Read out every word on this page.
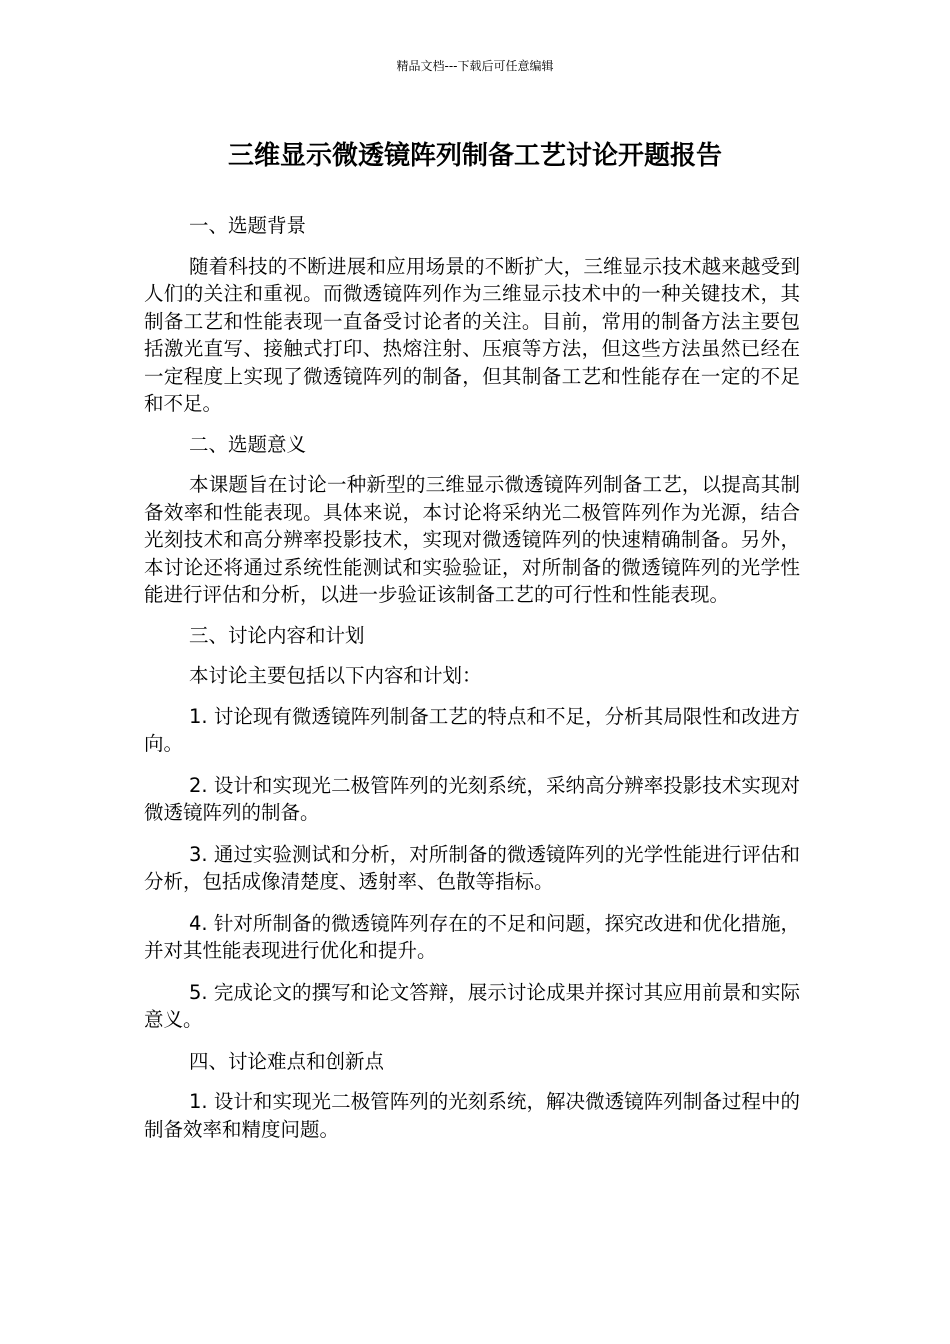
精品文档---下载后可任意编辑
三维显示微透镜阵列制备工艺讨论开题报告

一、选题背景

随着科技的不断进展和应用场景的不断扩大，三维显示技术越来越受到人们的关注和重视。而微透镜阵列作为三维显示技术中的一种关键技术，其制备工艺和性能表现一直备受讨论者的关注。目前，常用的制备方法主要包括激光直写、接触式打印、热熔注射、压痕等方法，但这些方法虽然已经在一定程度上实现了微透镜阵列的制备，但其制备工艺和性能存在一定的不足和不足。

二、选题意义

本课题旨在讨论一种新型的三维显示微透镜阵列制备工艺，以提高其制备效率和性能表现。具体来说，本讨论将采纳光二极管阵列作为光源，结合光刻技术和高分辨率投影技术，实现对微透镜阵列的快速精确制备。另外，本讨论还将通过系统性能测试和实验验证，对所制备的微透镜阵列的光学性能进行评估和分析，以进一步验证该制备工艺的可行性和性能表现。

三、讨论内容和计划

本讨论主要包括以下内容和计划：

1. 讨论现有微透镜阵列制备工艺的特点和不足，分析其局限性和改进方向。

2. 设计和实现光二极管阵列的光刻系统，采纳高分辨率投影技术实现对微透镜阵列的制备。

3. 通过实验测试和分析，对所制备的微透镜阵列的光学性能进行评估和分析，包括成像清楚度、透射率、色散等指标。

4. 针对所制备的微透镜阵列存在的不足和问题，探究改进和优化措施，并对其性能表现进行优化和提升。

5. 完成论文的撰写和论文答辩，展示讨论成果并探讨其应用前景和实际意义。

四、讨论难点和创新点

1. 设计和实现光二极管阵列的光刻系统，解决微透镜阵列制备过程中的制备效率和精度问题。
